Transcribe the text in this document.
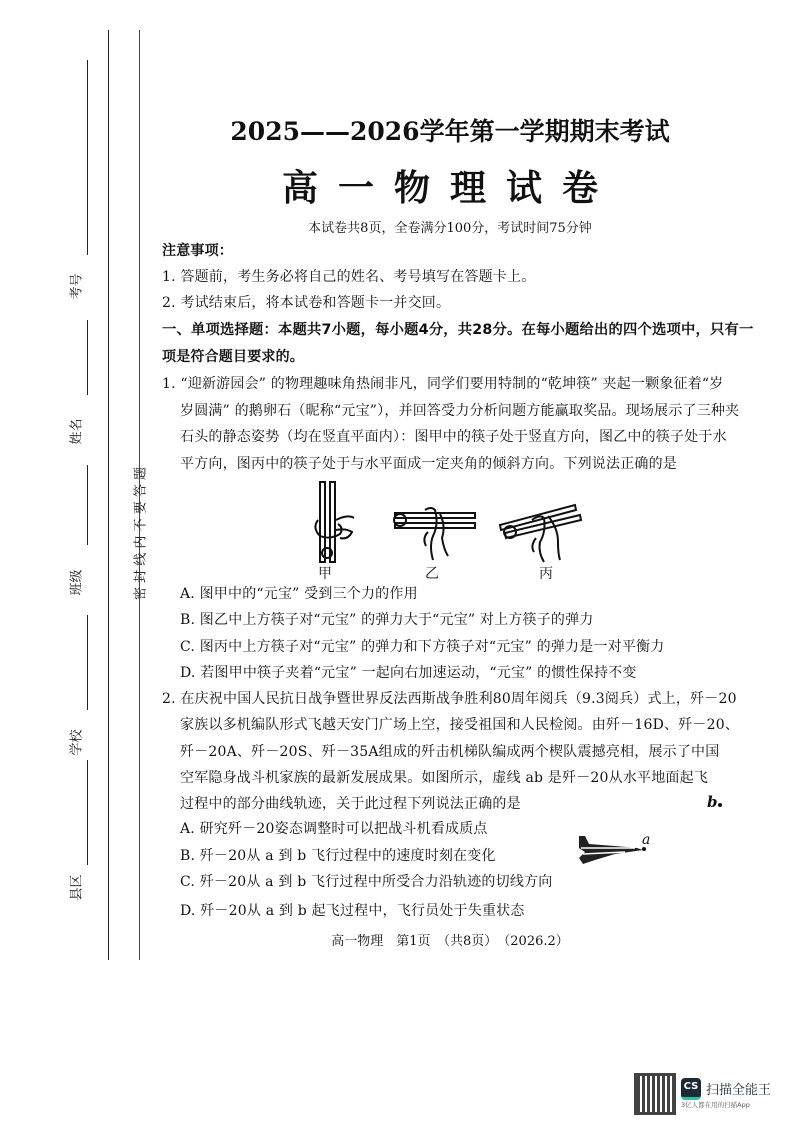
考号
姓名
班级
学校
县区
密 封 线 内 不 要 答 题
2025——2026学年第一学期期末考试
高一物理试卷
本试卷共8页，全卷满分100分，考试时间75分钟
注意事项：
1. 答题前，考生务必将自己的姓名、考号填写在答题卡上。
2. 考试结束后，将本试卷和答题卡一并交回。
一、单项选择题：本题共7小题，每小题4分，共28分。在每小题给出的四个选项中，只有一
项是符合题目要求的。
1. “迎新游园会” 的物理趣味角热闹非凡，同学们要用特制的“乾坤筷” 夹起一颗象征着“岁
岁圆满” 的鹅卵石（昵称“元宝”），并回答受力分析问题方能赢取奖品。现场展示了三种夹
石头的静态姿势（均在竖直平面内）：图甲中的筷子处于竖直方向，图乙中的筷子处于水
平方向，图丙中的筷子处于与水平面成一定夹角的倾斜方向。下列说法正确的是
甲	乙	丙
A. 图甲中的“元宝” 受到三个力的作用
B. 图乙中上方筷子对“元宝” 的弹力大于“元宝” 对上方筷子的弹力
C. 图丙中上方筷子对“元宝” 的弹力和下方筷子对“元宝” 的弹力是一对平衡力
D. 若图甲中筷子夹着“元宝” 一起向右加速运动，“元宝” 的惯性保持不变
2. 在庆祝中国人民抗日战争暨世界反法西斯战争胜利80周年阅兵（9.3阅兵）式上，歼－20
家族以多机编队形式飞越天安门广场上空，接受祖国和人民检阅。由歼－16D、歼－20、
歼－20A、歼－20S、歼－35A组成的歼击机梯队编成两个楔队震撼亮相，展示了中国
空军隐身战斗机家族的最新发展成果。如图所示，虚线 ab 是歼－20从水平地面起飞
过程中的部分曲线轨迹，关于此过程下列说法正确的是	b
a
A. 研究歼－20姿态调整时可以把战斗机看成质点
B. 歼－20从 a 到 b 飞行过程中的速度时刻在变化
C. 歼－20从 a 到 b 飞行过程中所受合力沿轨迹的切线方向
D. 歼－20从 a 到 b 起飞过程中，飞行员处于失重状态
高一物理　第1页　（共8页）　（2026.2）
CS 扫描全能王
3亿人都在用的扫描App
